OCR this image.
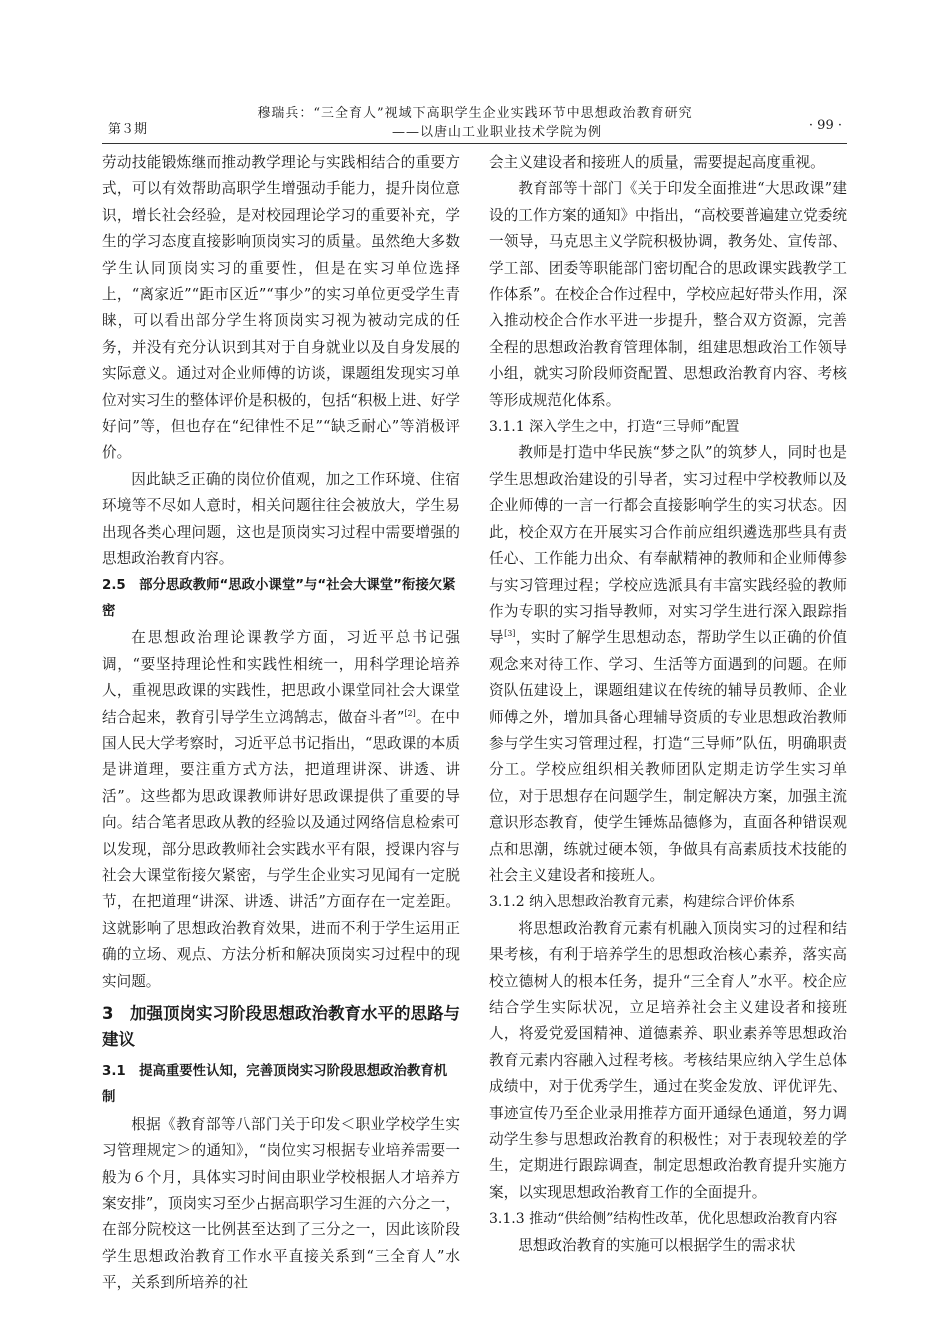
第３期
穆瑞兵：“三全育人”视域下高职学生企业实践环节中思想政治教育研究
——以唐山工业职业技术学院为例	· 99 ·

劳动技能锻炼继而推动教学理论与实践相结合的重要方式，可以有效帮助高职学生增强动手能力，提升岗位意识，增长社会经验，是对校园理论学习的重要补充，学生的学习态度直接影响顶岗实习的质量。虽然绝大多数学生认同顶岗实习的重要性，但是在实习单位选择上，“离家近”“距市区近”“事少”的实习单位更受学生青睐，可以看出部分学生将顶岗实习视为被动完成的任务，并没有充分认识到其对于自身就业以及自身发展的实际意义。通过对企业师傅的访谈，课题组发现实习单位对实习生的整体评价是积极的，包括“积极上进、好学好问”等，但也存在“纪律性不足”“缺乏耐心”等消极评价。

因此缺乏正确的岗位价值观，加之工作环境、住宿环境等不尽如人意时，相关问题往往会被放大，学生易出现各类心理问题，这也是顶岗实习过程中需要增强的思想政治教育内容。

2.5　部分思政教师“思政小课堂”与“社会大课堂”衔接欠紧密

在思想政治理论课教学方面，习近平总书记强调，“要坚持理论性和实践性相统一，用科学理论培养人，重视思政课的实践性，把思政小课堂同社会大课堂结合起来，教育引导学生立鸿鹄志，做奋斗者”[2]。在中国人民大学考察时，习近平总书记指出，“思政课的本质是讲道理，要注重方式方法，把道理讲深、讲透、讲活”。这些都为思政课教师讲好思政课提供了重要的导向。结合笔者思政从教的经验以及通过网络信息检索可以发现，部分思政教师社会实践水平有限，授课内容与社会大课堂衔接欠紧密，与学生企业实习见闻有一定脱节，在把道理“讲深、讲透、讲活”方面存在一定差距。这就影响了思想政治教育效果，进而不利于学生运用正确的立场、观点、方法分析和解决顶岗实习过程中的现实问题。

3　加强顶岗实习阶段思想政治教育水平的思路与建议
3.1　提高重要性认知，完善顶岗实习阶段思想政治教育机制

根据《教育部等八部门关于印发＜职业学校学生实习管理规定＞的通知》，“岗位实习根据专业培养需要一般为６个月，具体实习时间由职业学校根据人才培养方案安排”，顶岗实习至少占据高职学习生涯的六分之一，在部分院校这一比例甚至达到了三分之一，因此该阶段学生思想政治教育工作水平直接关系到“三全育人”水平，关系到所培养的社

会主义建设者和接班人的质量，需要提起高度重视。

教育部等十部门《关于印发全面推进“大思政课”建设的工作方案的通知》中指出，“高校要普遍建立党委统一领导，马克思主义学院积极协调，教务处、宣传部、学工部、团委等职能部门密切配合的思政课实践教学工作体系”。在校企合作过程中，学校应起好带头作用，深入推动校企合作水平进一步提升，整合双方资源，完善全程的思想政治教育管理体制，组建思想政治工作领导小组，就实习阶段师资配置、思想政治教育内容、考核等形成规范化体系。

3.1.1 深入学生之中，打造“三导师”配置

教师是打造中华民族“梦之队”的筑梦人，同时也是学生思想政治建设的引导者，实习过程中学校教师以及企业师傅的一言一行都会直接影响学生的实习状态。因此，校企双方在开展实习合作前应组织遴选那些具有责任心、工作能力出众、有奉献精神的教师和企业师傅参与实习管理过程；学校应选派具有丰富实践经验的教师作为专职的实习指导教师，对实习学生进行深入跟踪指导[3]，实时了解学生思想动态，帮助学生以正确的价值观念来对待工作、学习、生活等方面遇到的问题。在师资队伍建设上，课题组建议在传统的辅导员教师、企业师傅之外，增加具备心理辅导资质的专业思想政治教师参与学生实习管理过程，打造“三导师”队伍，明确职责分工。学校应组织相关教师团队定期走访学生实习单位，对于思想存在问题学生，制定解决方案，加强主流意识形态教育，使学生锤炼品德修为，直面各种错误观点和思潮，练就过硬本领，争做具有高素质技术技能的社会主义建设者和接班人。

3.1.2 纳入思想政治教育元素，构建综合评价体系

将思想政治教育元素有机融入顶岗实习的过程和结果考核，有利于培养学生的思想政治核心素养，落实高校立德树人的根本任务，提升“三全育人”水平。校企应结合学生实际状况，立足培养社会主义建设者和接班人，将爱党爱国精神、道德素养、职业素养等思想政治教育元素内容融入过程考核。考核结果应纳入学生总体成绩中，对于优秀学生，通过在奖金发放、评优评先、事迹宣传乃至企业录用推荐方面开通绿色通道，努力调动学生参与思想政治教育的积极性；对于表现较差的学生，定期进行跟踪调查，制定思想政治教育提升实施方案，以实现思想政治教育工作的全面提升。

3.1.3 推动“供给侧”结构性改革，优化思想政治教育内容

思想政治教育的实施可以根据学生的需求状
